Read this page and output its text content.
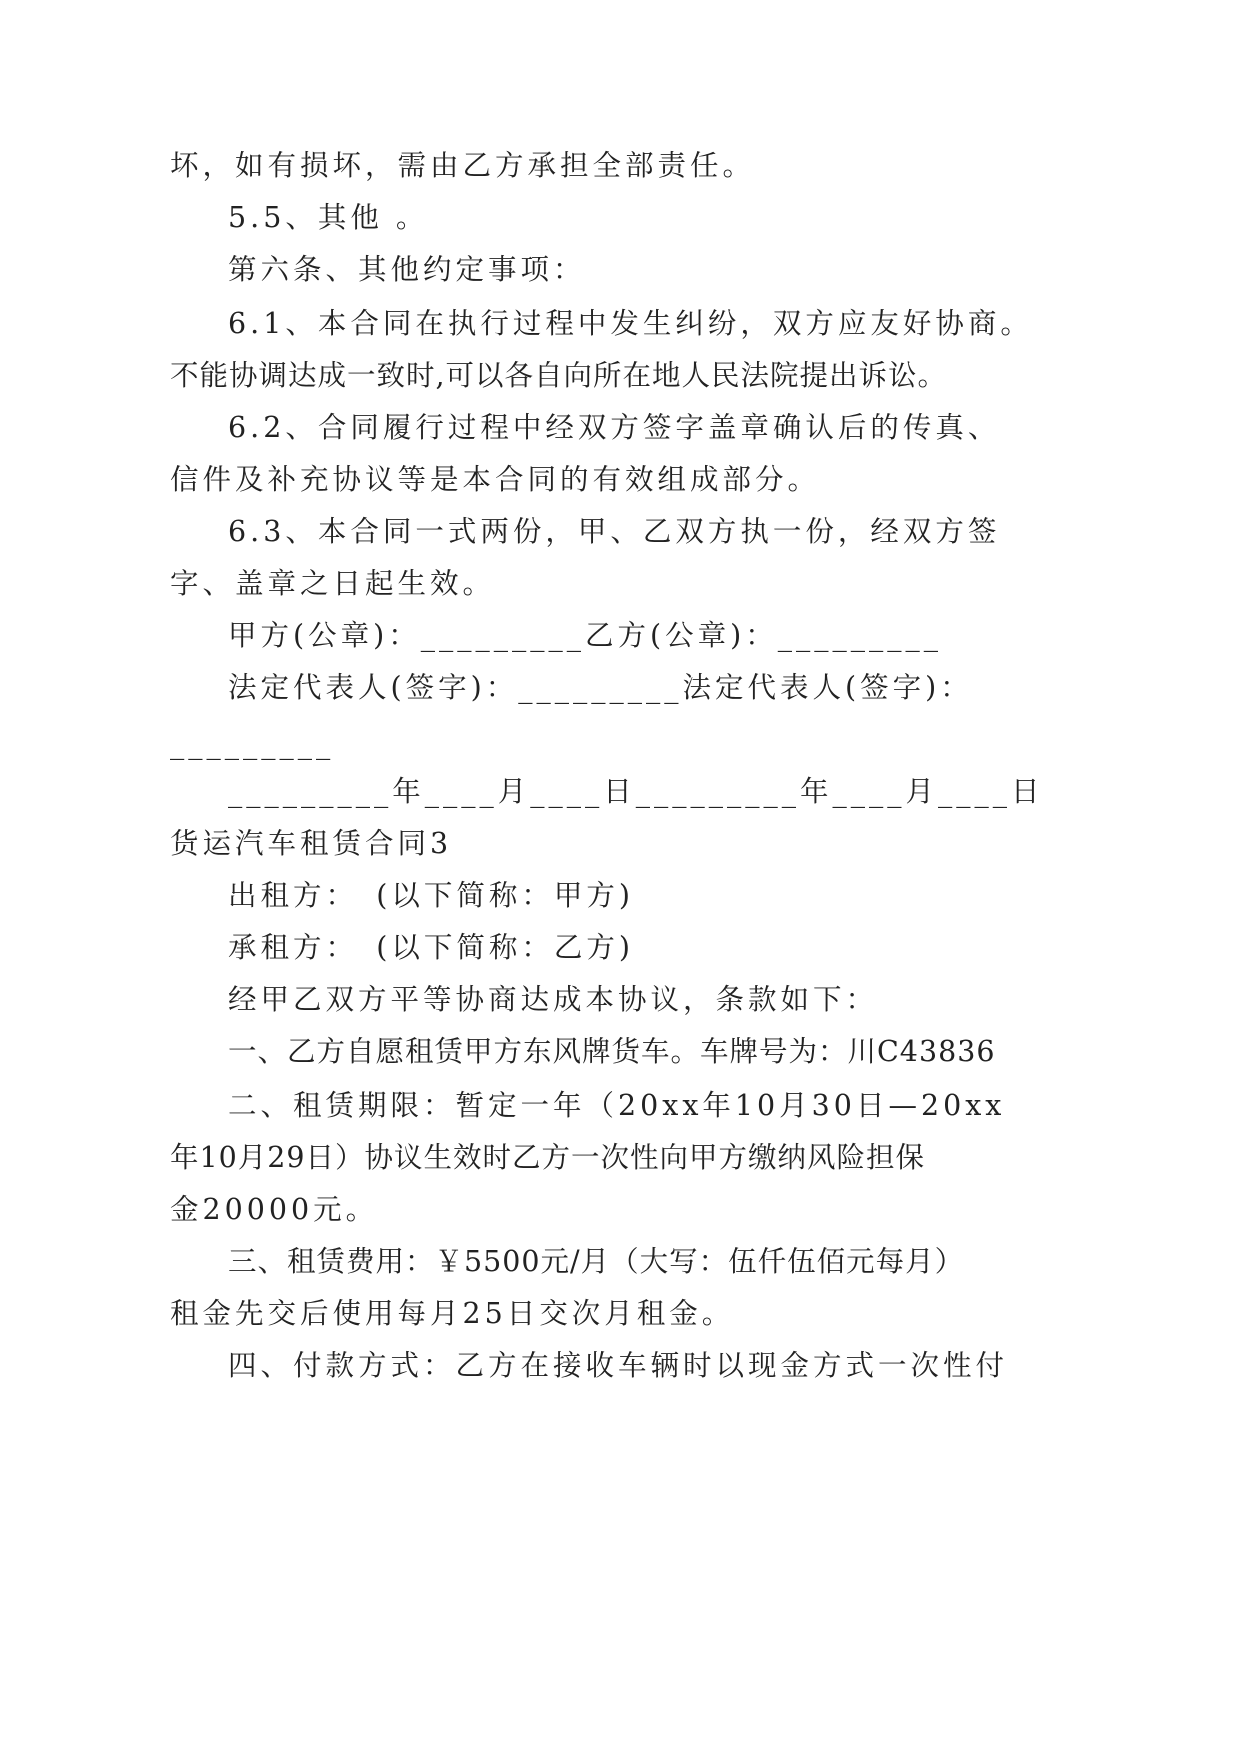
坏，如有损坏，需由乙方承担全部责任。
5.5、其他 。
第六条、其他约定事项：
6.1、本合同在执行过程中发生纠纷，双方应友好协商。
不能协调达成一致时,可以各自向所在地人民法院提出诉讼。
6.2、合同履行过程中经双方签字盖章确认后的传真、
信件及补充协议等是本合同的有效组成部分。
6.3、本合同一式两份，甲、乙双方执一份，经双方签
字、盖章之日起生效。
甲方(公章)：_________乙方(公章)：_________
法定代表人(签字)：_________法定代表人(签字)：
_________
_________年____月____日_________年____月____日
货运汽车租赁合同3
出租方：　(以下简称：甲方)
承租方：　(以下简称：乙方)
经甲乙双方平等协商达成本协议，条款如下：
一、乙方自愿租赁甲方东风牌货车。车牌号为：川C43836
二、租赁期限：暂定一年（20xx年10月30日—20xx
年10月29日）协议生效时乙方一次性向甲方缴纳风险担保
金20000元。
三、租赁费用：￥5500元/月（大写：伍仟伍佰元每月）
租金先交后使用每月25日交次月租金。
四、付款方式：乙方在接收车辆时以现金方式一次性付
